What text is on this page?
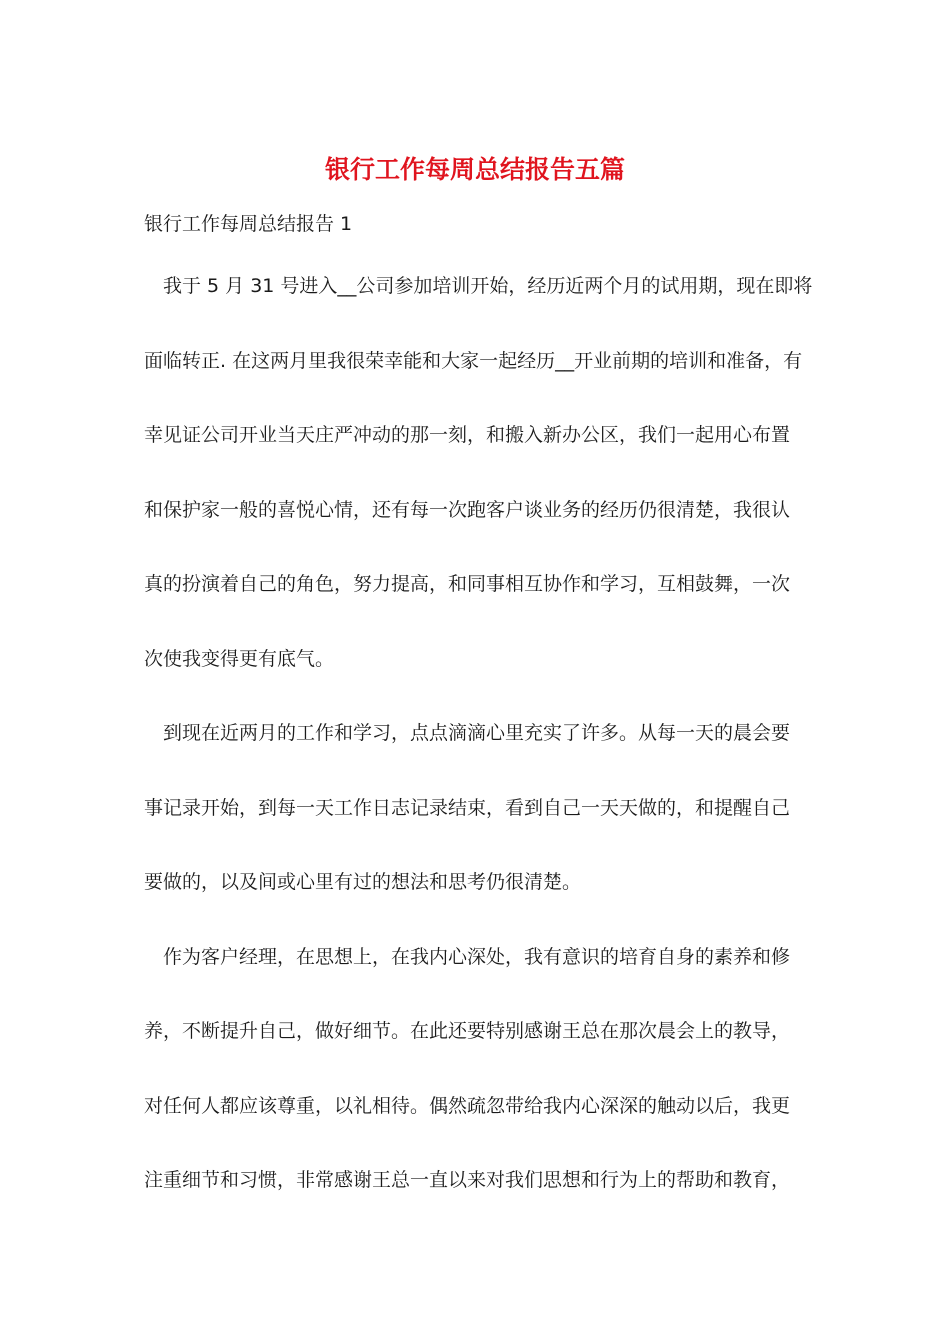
银行工作每周总结报告五篇
银行工作每周总结报告 1
我于 5 月 31 号进入__公司参加培训开始，经历近两个月的试用期，现在即将
面临转正. 在这两月里我很荣幸能和大家一起经历__开业前期的培训和准备，有
幸见证公司开业当天庄严冲动的那一刻，和搬入新办公区，我们一起用心布置
和保护家一般的喜悦心情，还有每一次跑客户谈业务的经历仍很清楚，我很认
真的扮演着自己的角色，努力提高，和同事相互协作和学习，互相鼓舞，一次
次使我变得更有底气。
到现在近两月的工作和学习，点点滴滴心里充实了许多。从每一天的晨会要
事记录开始，到每一天工作日志记录结束，看到自己一天天做的，和提醒自己
要做的，以及间或心里有过的想法和思考仍很清楚。
作为客户经理，在思想上，在我内心深处，我有意识的培育自身的素养和修
养，不断提升自己，做好细节。在此还要特别感谢王总在那次晨会上的教导，
对任何人都应该尊重，以礼相待。偶然疏忽带给我内心深深的触动以后，我更
注重细节和习惯，非常感谢王总一直以来对我们思想和行为上的帮助和教育，
